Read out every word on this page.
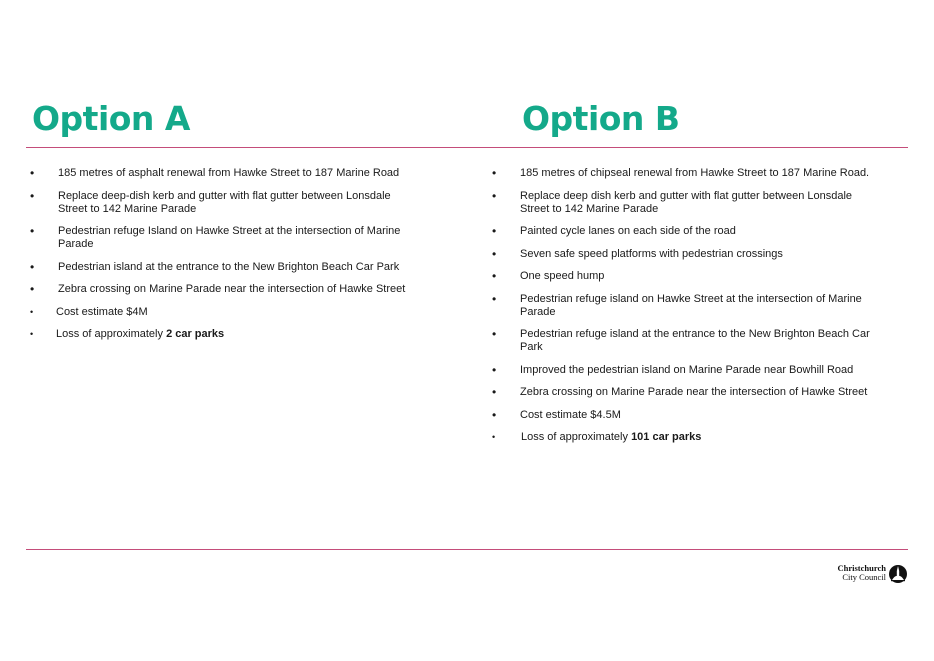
Option A	Option B
• 185 metres of asphalt renewal from Hawke Street to 187 Marine Road
• Replace deep-dish kerb and gutter with flat gutter between Lonsdale Street to 142 Marine Parade
• Pedestrian refuge Island on Hawke Street at the intersection of Marine Parade
• Pedestrian island at the entrance to the New Brighton Beach Car Park
• Zebra crossing on Marine Parade near the intersection of Hawke Street
• Cost estimate $4M
• Loss of approximately 2 car parks
• 185 metres of chipseal renewal from Hawke Street to 187 Marine Road.
• Replace deep dish kerb and gutter with flat gutter between Lonsdale Street to 142 Marine Parade
• Painted cycle lanes on each side of the road
• Seven safe speed platforms with pedestrian crossings
• One speed hump
• Pedestrian refuge island on Hawke Street at the intersection of Marine Parade
• Pedestrian refuge island at the entrance to the New Brighton Beach Car Park
• Improved the pedestrian island on Marine Parade near Bowhill Road
• Zebra crossing on Marine Parade near the intersection of Hawke Street
• Cost estimate $4.5M
• Loss of approximately 101 car parks
Christchurch
City Council
